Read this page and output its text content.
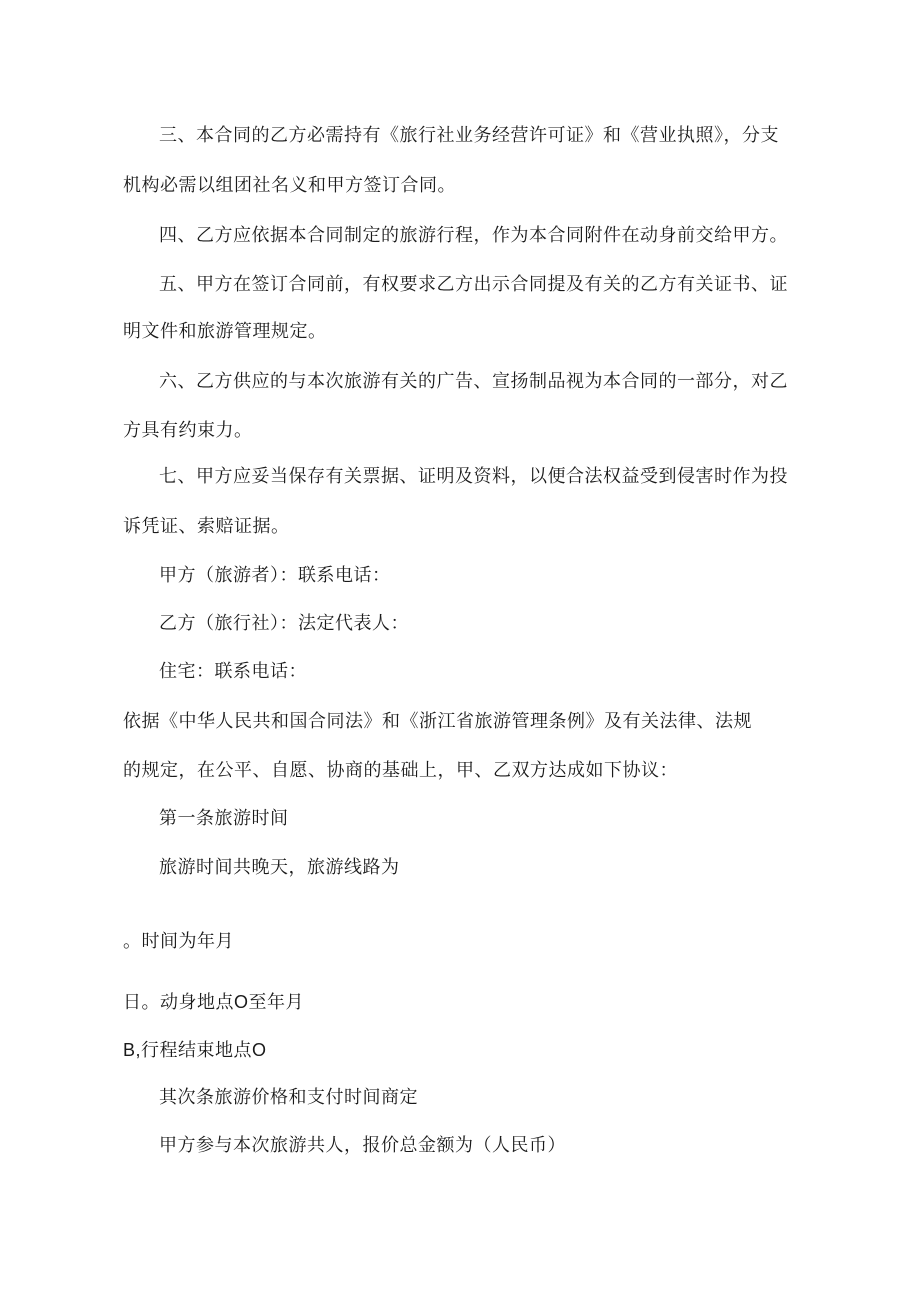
三、本合同的乙方必需持有《旅行社业务经营许可证》和《营业执照》，分支
机构必需以组团社名义和甲方签订合同。
四、乙方应依据本合同制定的旅游行程，作为本合同附件在动身前交给甲方。
五、甲方在签订合同前，有权要求乙方出示合同提及有关的乙方有关证书、证
明文件和旅游管理规定。
六、乙方供应的与本次旅游有关的广告、宣扬制品视为本合同的一部分，对乙
方具有约束力。
七、甲方应妥当保存有关票据、证明及资料，以便合法权益受到侵害时作为投
诉凭证、索赔证据。
甲方（旅游者）：联系电话：
乙方（旅行社）：法定代表人：
住宅：联系电话：
依据《中华人民共和国合同法》和《浙江省旅游管理条例》及有关法律、法规
的规定，在公平、自愿、协商的基础上，甲、乙双方达成如下协议：
第一条旅游时间
旅游时间共晚天，旅游线路为
。时间为年月
日。动身地点O至年月
B,行程结束地点O
其次条旅游价格和支付时间商定
甲方参与本次旅游共人，报价总金额为（人民币）
